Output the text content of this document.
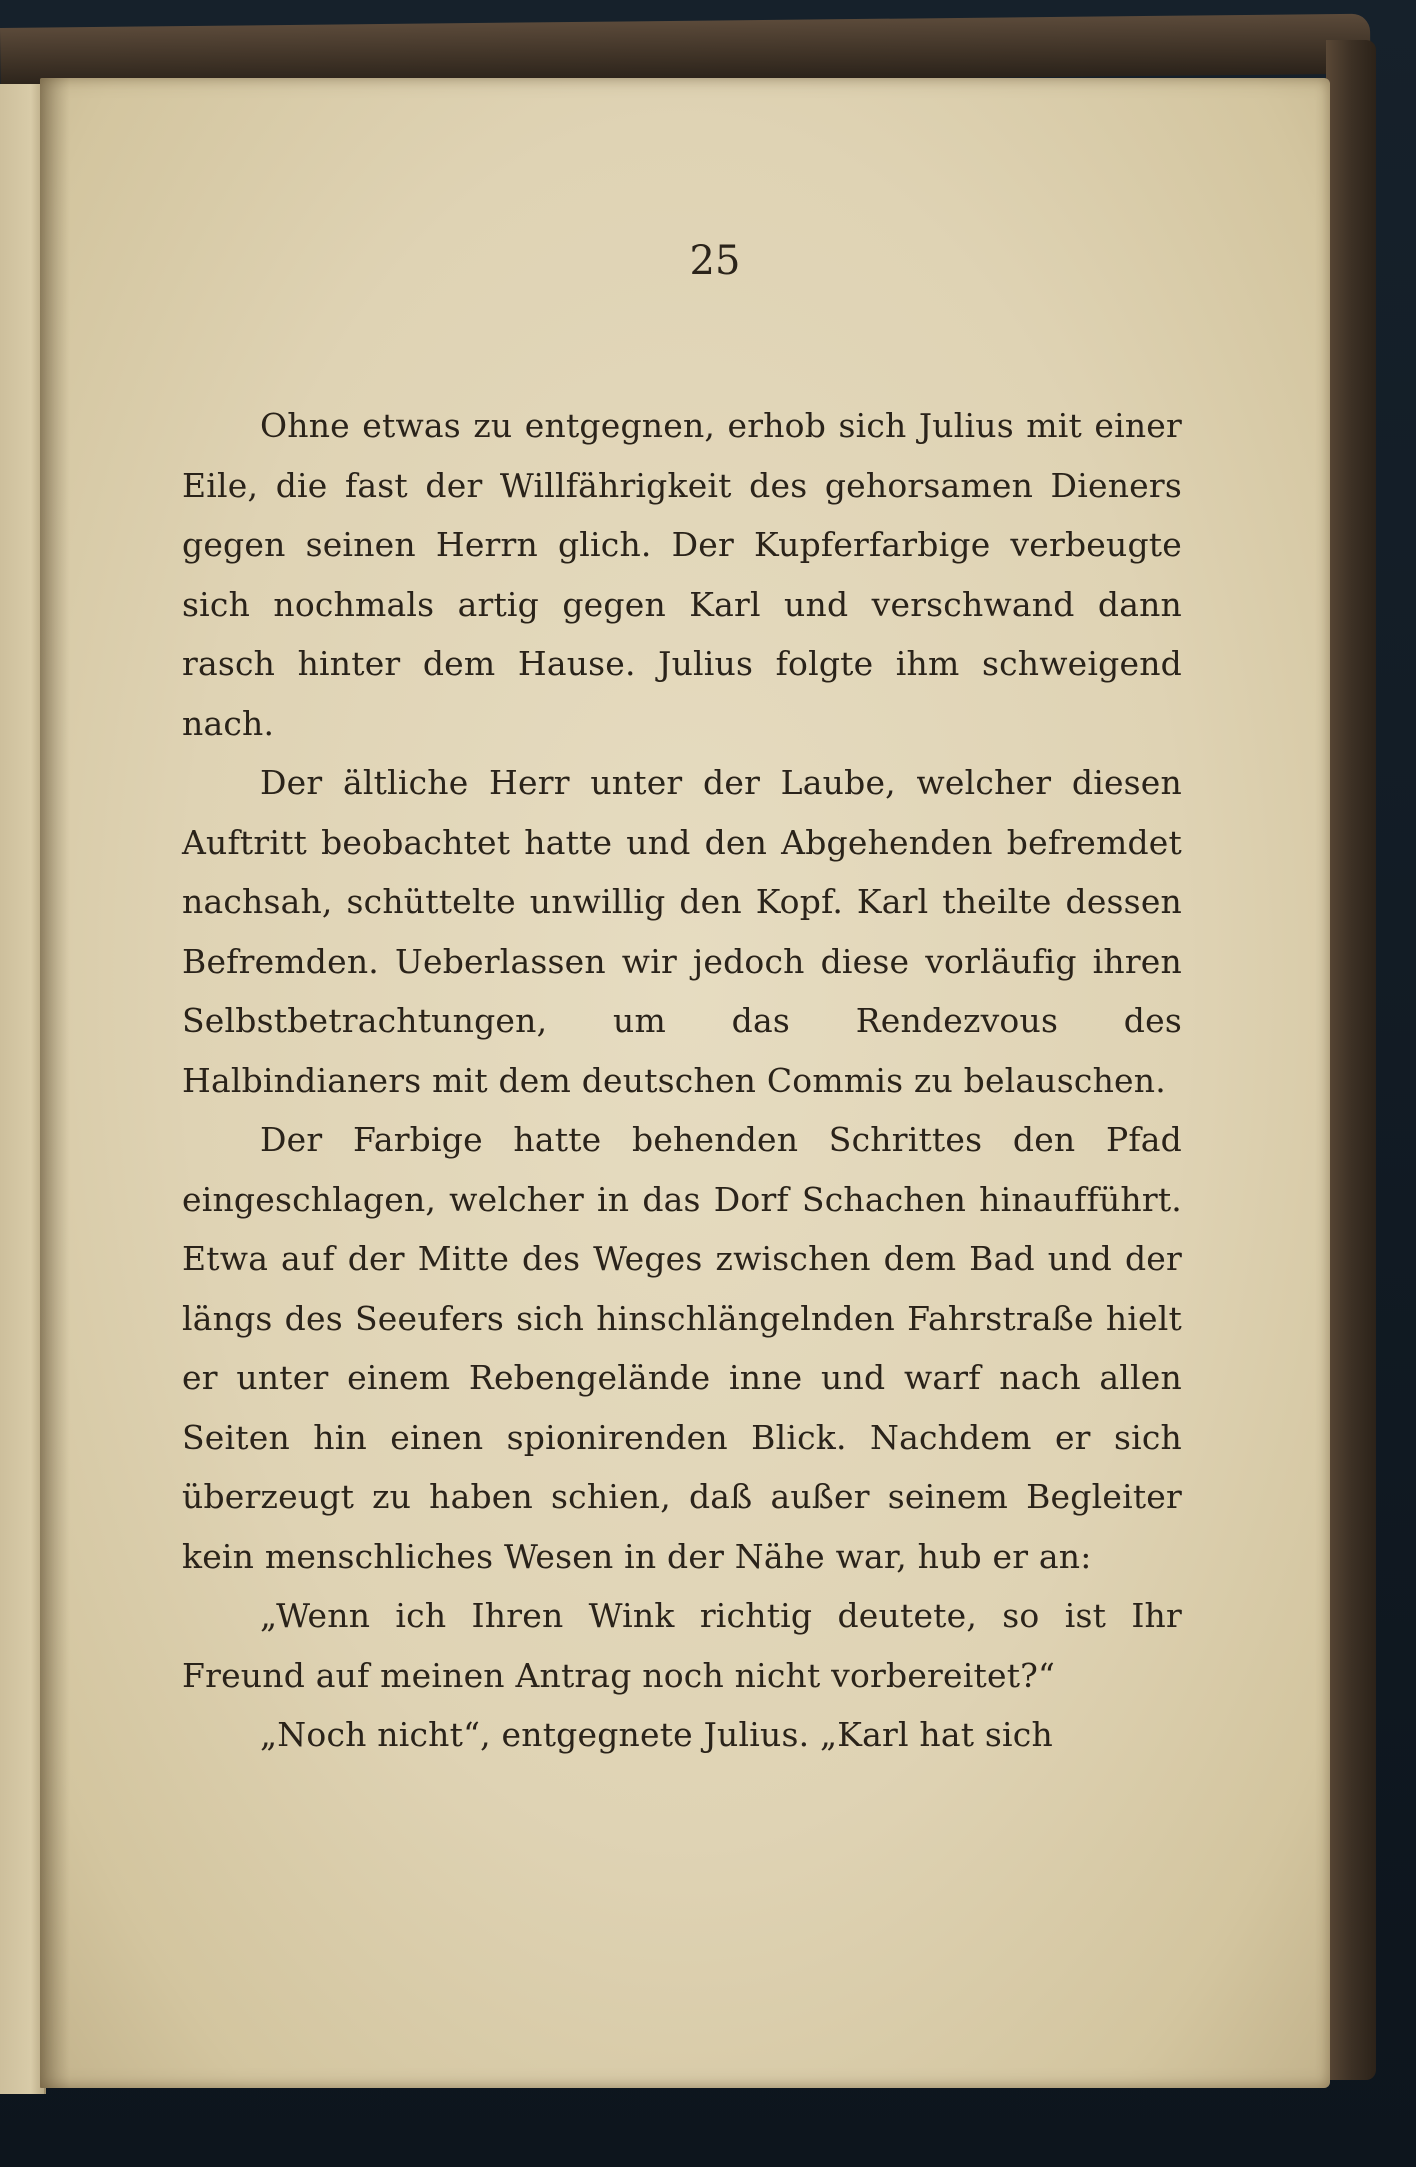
25

Ohne etwas zu entgegnen, erhob sich Julius mit einer Eile, die fast der Willfährigkeit des gehorsamen Dieners gegen seinen Herrn glich. Der Kupferfarbige verbeugte sich nochmals artig gegen Karl und verschwand dann rasch hinter dem Hause. Julius folgte ihm schweigend nach.

Der ältliche Herr unter der Laube, welcher diesen Auftritt beobachtet hatte und den Abgehenden befremdet nachsah, schüttelte unwillig den Kopf. Karl theilte dessen Befremden. Ueberlassen wir jedoch diese vorläufig ihren Selbstbetrachtungen, um das Rendezvous des Halbindianers mit dem deutschen Commis zu belauschen.

Der Farbige hatte behenden Schrittes den Pfad eingeschlagen, welcher in das Dorf Schachen hinaufführt. Etwa auf der Mitte des Weges zwischen dem Bad und der längs des Seeufers sich hinschlängelnden Fahrstraße hielt er unter einem Rebengelände inne und warf nach allen Seiten hin einen spionirenden Blick. Nachdem er sich überzeugt zu haben schien, daß außer seinem Begleiter kein menschliches Wesen in der Nähe war, hub er an:

„Wenn ich Ihren Wink richtig deutete, so ist Ihr Freund auf meinen Antrag noch nicht vorbereitet?“

„Noch nicht“, entgegnete Julius. „Karl hat sich
